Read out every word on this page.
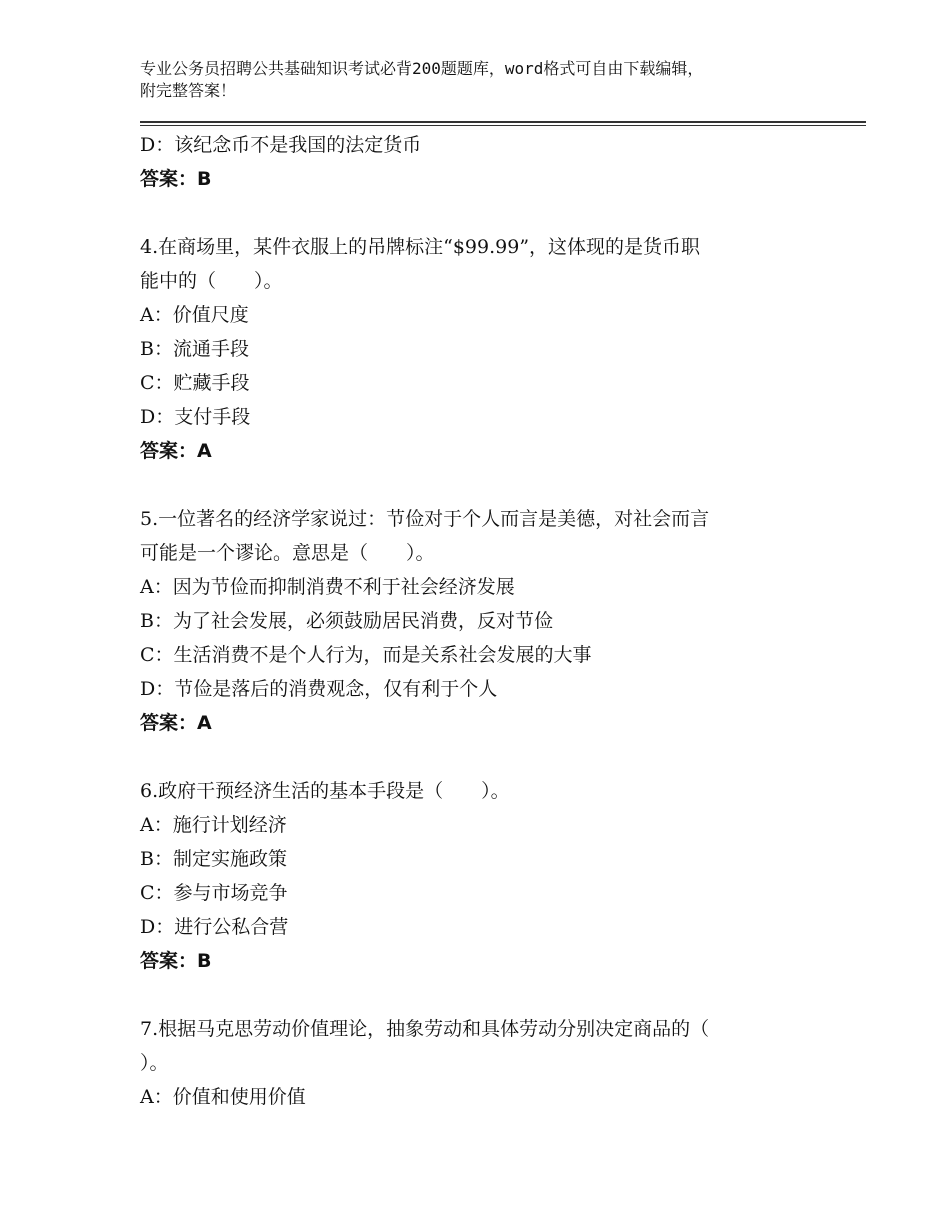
专业公务员招聘公共基础知识考试必背200题题库，word格式可自由下载编辑，
附完整答案！
D：该纪念币不是我国的法定货币
答案：B
4.在商场里，某件衣服上的吊牌标注“$99.99”，这体现的是货币职
能中的（　　）。
A：价值尺度
B：流通手段
C：贮藏手段
D：支付手段
答案：A
5.一位著名的经济学家说过：节俭对于个人而言是美德，对社会而言
可能是一个谬论。意思是（　　）。
A：因为节俭而抑制消费不利于社会经济发展
B：为了社会发展，必须鼓励居民消费，反对节俭
C：生活消费不是个人行为，而是关系社会发展的大事
D：节俭是落后的消费观念，仅有利于个人
答案：A
6.政府干预经济生活的基本手段是（　　）。
A：施行计划经济
B：制定实施政策
C：参与市场竞争
D：进行公私合营
答案：B
7.根据马克思劳动价值理论，抽象劳动和具体劳动分别决定商品的（
）。
A：价值和使用价值
